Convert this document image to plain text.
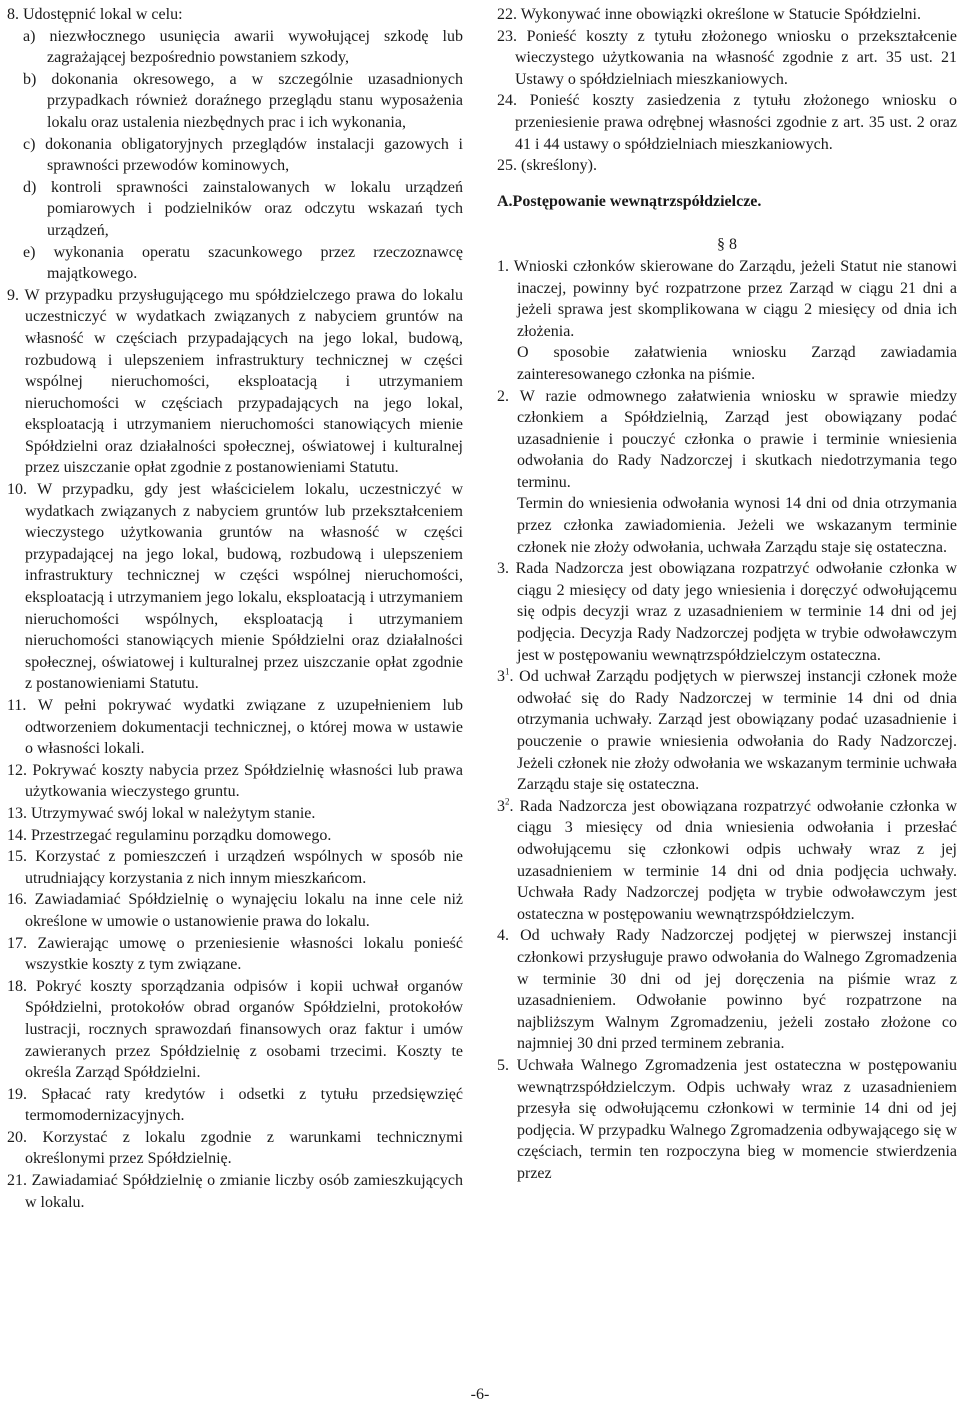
8. Udostępnić lokal w celu:

a) niezwłocznego usunięcia awarii wywołującej szkodę lub zagrażającej bezpośrednio powstaniem szkody,

b) dokonania okresowego, a w szczególnie uzasadnionych przypadkach również doraźnego przeglądu stanu wyposażenia lokalu oraz ustalenia niezbędnych prac i ich wykonania,

c) dokonania obligatoryjnych przeglądów instalacji gazowych i sprawności przewodów kominowych,

d) kontroli sprawności zainstalowanych w lokalu urządzeń pomiarowych i podzielników oraz odczytu wskazań tych urządzeń,

e) wykonania operatu szacunkowego przez rzeczoznawcę majątkowego.

9. W przypadku przysługującego mu spółdzielczego prawa do lokalu uczestniczyć w wydatkach związanych z nabyciem gruntów na własność w częściach przypadających na jego lokal, budową, rozbudową i ulepszeniem infrastruktury technicznej w części wspólnej nieruchomości, eksploatacją i utrzymaniem nieruchomości w częściach przypadających na jego lokal, eksploatacją i utrzymaniem nieruchomości stanowiących mienie Spółdzielni oraz działalności społecznej, oświatowej i kulturalnej przez uiszczanie opłat zgodnie z postanowieniami Statutu.

10. W przypadku, gdy jest właścicielem lokalu, uczestniczyć w wydatkach związanych z nabyciem gruntów lub przekształceniem wieczystego użytkowania gruntów na własność w części przypadającej na jego lokal, budową, rozbudową i ulepszeniem infrastruktury technicznej w części wspólnej nieruchomości, eksploatacją i utrzymaniem jego lokalu, eksploatacją i utrzymaniem nieruchomości wspólnych, eksploatacją i utrzymaniem nieruchomości stanowiących mienie Spółdzielni oraz działalności społecznej, oświatowej i kulturalnej przez uiszczanie opłat zgodnie z postanowieniami Statutu.

11. W pełni pokrywać wydatki związane z uzupełnieniem lub odtworzeniem dokumentacji technicznej, o której mowa w ustawie o własności lokali.

12. Pokrywać koszty nabycia przez Spółdzielnię własności lub prawa użytkowania wieczystego gruntu.

13. Utrzymywać swój lokal w należytym stanie.

14. Przestrzegać regulaminu porządku domowego.

15. Korzystać z pomieszczeń i urządzeń wspólnych w sposób nie utrudniający korzystania z nich innym mieszkańcom.

16. Zawiadamiać Spółdzielnię o wynajęciu lokalu na inne cele niż określone w umowie o ustanowienie prawa do lokalu.

17. Zawierając umowę o przeniesienie własności lokalu ponieść wszystkie koszty z tym związane.

18. Pokryć koszty sporządzania odpisów i kopii uchwał organów Spółdzielni, protokołów obrad organów Spółdzielni, protokołów lustracji, rocznych sprawozdań finansowych oraz faktur i umów zawieranych przez Spółdzielnię z osobami trzecimi. Koszty te określa Zarząd Spółdzielni.

19. Spłacać raty kredytów i odsetki z tytułu przedsięwzięć termomodernizacyjnych.

20. Korzystać z lokalu zgodnie z warunkami technicznymi określonymi przez Spółdzielnię.

21. Zawiadamiać Spółdzielnię o zmianie liczby osób zamieszkujących w lokalu.

22. Wykonywać inne obowiązki określone w Statucie Spółdzielni.

23. Ponieść koszty z tytułu złożonego wniosku o przekształcenie wieczystego użytkowania na własność zgodnie z art. 35 ust. 21 Ustawy o spółdzielniach mieszkaniowych.

24. Ponieść koszty zasiedzenia z tytułu złożonego wniosku o przeniesienie prawa odrębnej własności zgodnie z art. 35 ust. 2 oraz 41 i 44 ustawy o spółdzielniach mieszkaniowych.

25. (skreślony).

A.Postępowanie wewnątrzspółdzielcze.

§ 8

1. Wnioski członków skierowane do Zarządu, jeżeli Statut nie stanowi inaczej, powinny być rozpatrzone przez Zarząd w ciągu 21 dni a jeżeli sprawa jest skomplikowana w ciągu 2 miesięcy od dnia ich złożenia.

O sposobie załatwienia wniosku Zarząd zawiadamia zainteresowanego członka na piśmie.

2. W razie odmownego załatwienia wniosku w sprawie miedzy członkiem a Spółdzielnią, Zarząd jest obowiązany podać uzasadnienie i pouczyć członka o prawie i terminie wniesienia odwołania do Rady Nadzorczej i skutkach niedotrzymania tego terminu.

Termin do wniesienia odwołania wynosi 14 dni od dnia otrzymania przez członka zawiadomienia. Jeżeli we wskazanym terminie członek nie złoży odwołania, uchwała Zarządu staje się ostateczna.

3. Rada Nadzorcza jest obowiązana rozpatrzyć odwołanie członka w ciągu 2 miesięcy od daty jego wniesienia i doręczyć odwołującemu się odpis decyzji wraz z uzasadnieniem w terminie 14 dni od jej podjęcia. Decyzja Rady Nadzorczej podjęta w trybie odwoławczym jest w postępowaniu wewnątrzspółdzielczym ostateczna.

$3^1$. Od uchwał Zarządu podjętych w pierwszej instancji członek może odwołać się do Rady Nadzorczej w terminie 14 dni od dnia otrzymania uchwały. Zarząd jest obowiązany podać uzasadnienie i pouczenie o prawie wniesienia odwołania do Rady Nadzorczej. Jeżeli członek nie złoży odwołania we wskazanym terminie uchwała Zarządu staje się ostateczna.

$3^2$. Rada Nadzorcza jest obowiązana rozpatrzyć odwołanie członka w ciągu 3 miesięcy od dnia wniesienia odwołania i przesłać odwołującemu się członkowi odpis uchwały wraz z jej uzasadnieniem w terminie 14 dni od dnia podjęcia uchwały. Uchwała Rady Nadzorczej podjęta w trybie odwoławczym jest ostateczna w postępowaniu wewnątrzspółdzielczym.

4. Od uchwały Rady Nadzorczej podjętej w pierwszej instancji członkowi przysługuje prawo odwołania do Walnego Zgromadzenia w terminie 30 dni od jej doręczenia na piśmie wraz z uzasadnieniem. Odwołanie powinno być rozpatrzone na najbliższym Walnym Zgromadzeniu, jeżeli zostało złożone co najmniej 30 dni przed terminem zebrania.

5. Uchwała Walnego Zgromadzenia jest ostateczna w postępowaniu wewnątrzspółdzielczym. Odpis uchwały wraz z uzasadnieniem przesyła się odwołującemu członkowi w terminie 14 dni od jej podjęcia. W przypadku Walnego Zgromadzenia odbywającego się w częściach, termin ten rozpoczyna bieg w momencie stwierdzenia przez

-6-
